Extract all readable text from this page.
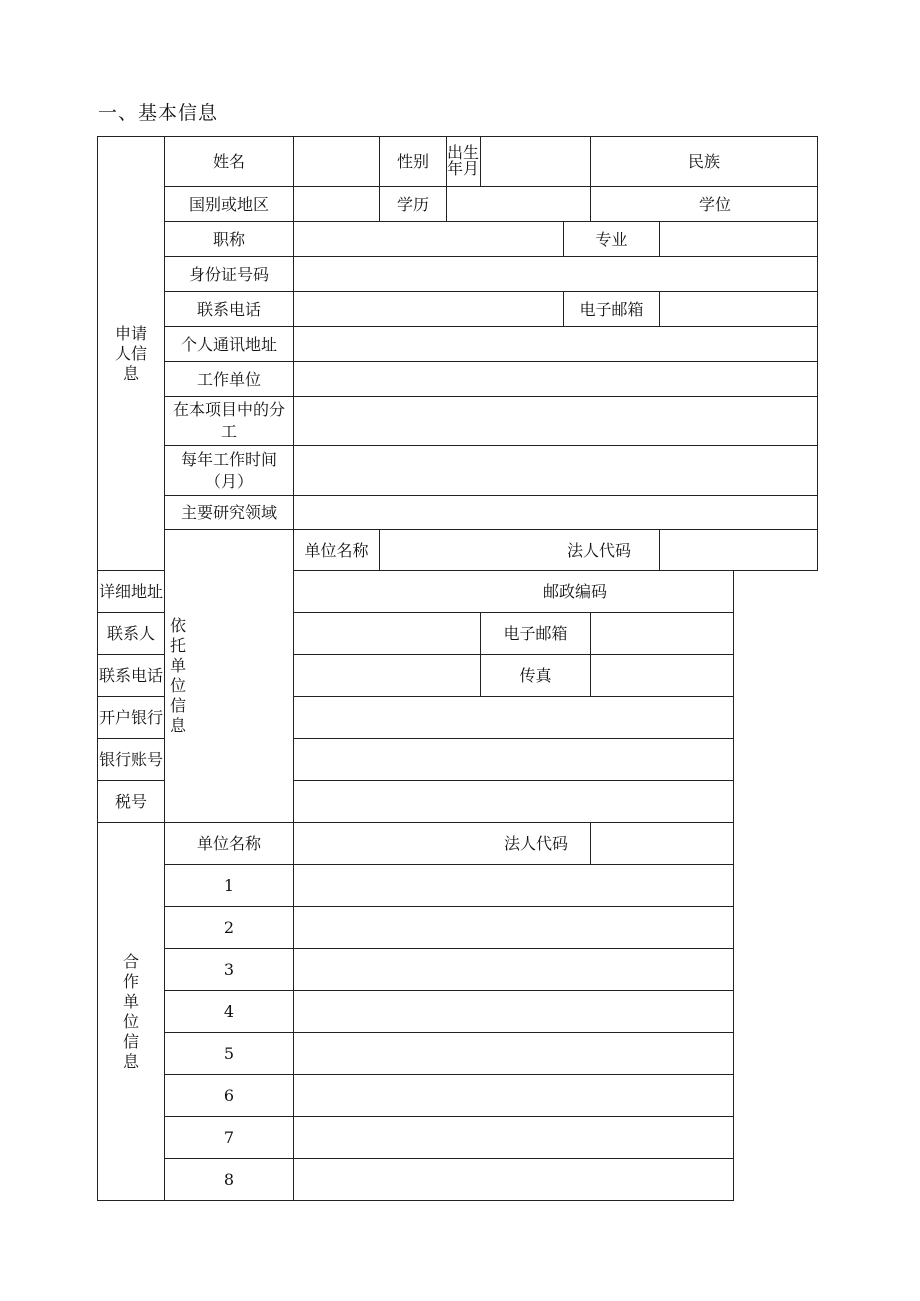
一、基本信息
申请人信息	姓名		性别	出生年月			民族	
	国别或地区		学历				学位	
	职称					专业		
	身份证号码							
	联系电话					电子邮箱		
	个人通讯地址							
	工作单位							
	在本项目中的分工							
	每年工作时间（月）							
	主要研究领域							
	依托单位信息	单位名称	法人代码					
详细地址		邮政编码						
联系人					电子邮箱			
联系电话					传真			
开户银行								
银行账号								
税号								
合作单位信息	单位名称	法人代码						
	1							
	2							
	3							
	4							
	5							
	6							
	7							
	8							
